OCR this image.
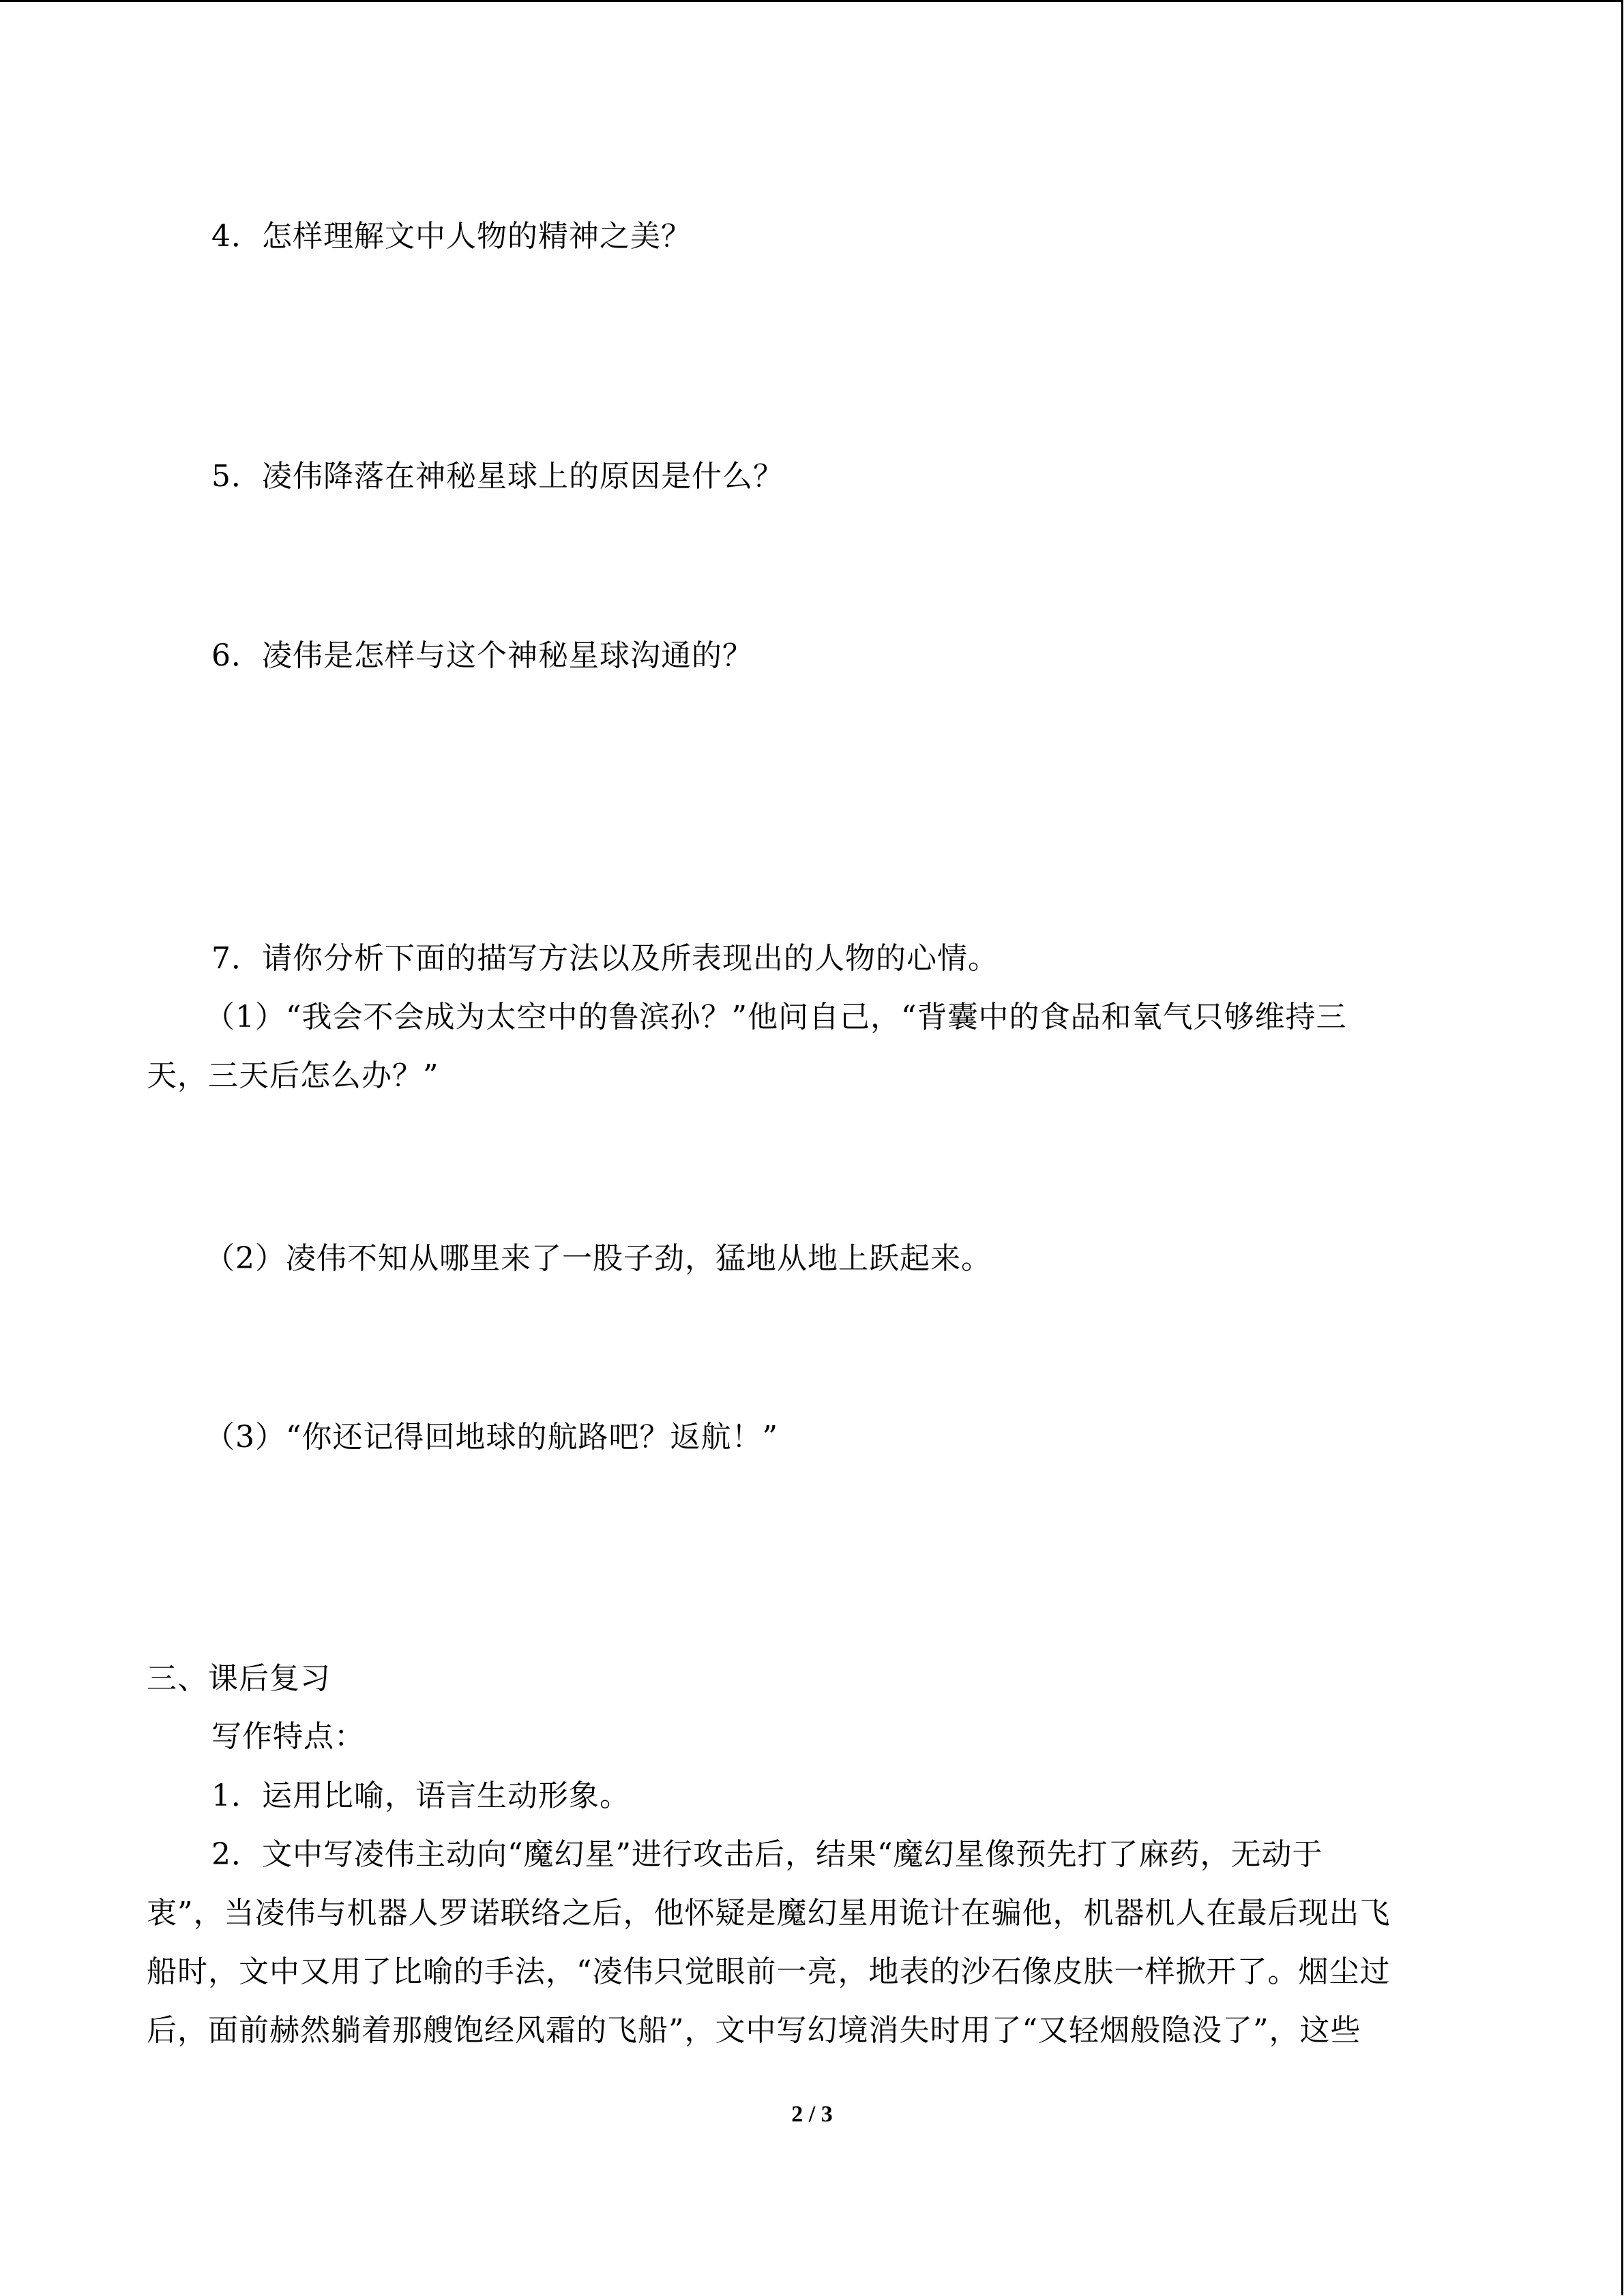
4．怎样理解文中人物的精神之美？
5．凌伟降落在神秘星球上的原因是什么？
6．凌伟是怎样与这个神秘星球沟通的？
7．请你分析下面的描写方法以及所表现出的人物的心情。
（1）“我会不会成为太空中的鲁滨孙？”他问自己，“背囊中的食品和氧气只够维持三
天，三天后怎么办？”
（2）凌伟不知从哪里来了一股子劲，猛地从地上跃起来。
（3）“你还记得回地球的航路吧？返航！”
三、课后复习
写作特点：
1．运用比喻，语言生动形象。
2．文中写凌伟主动向“魔幻星”进行攻击后，结果“魔幻星像预先打了麻药，无动于
衷”，当凌伟与机器人罗诺联络之后，他怀疑是魔幻星用诡计在骗他，机器机人在最后现出飞
船时，文中又用了比喻的手法，“凌伟只觉眼前一亮，地表的沙石像皮肤一样掀开了。烟尘过
后，面前赫然躺着那艘饱经风霜的飞船”，文中写幻境消失时用了“又轻烟般隐没了”，这些
2 / 3
